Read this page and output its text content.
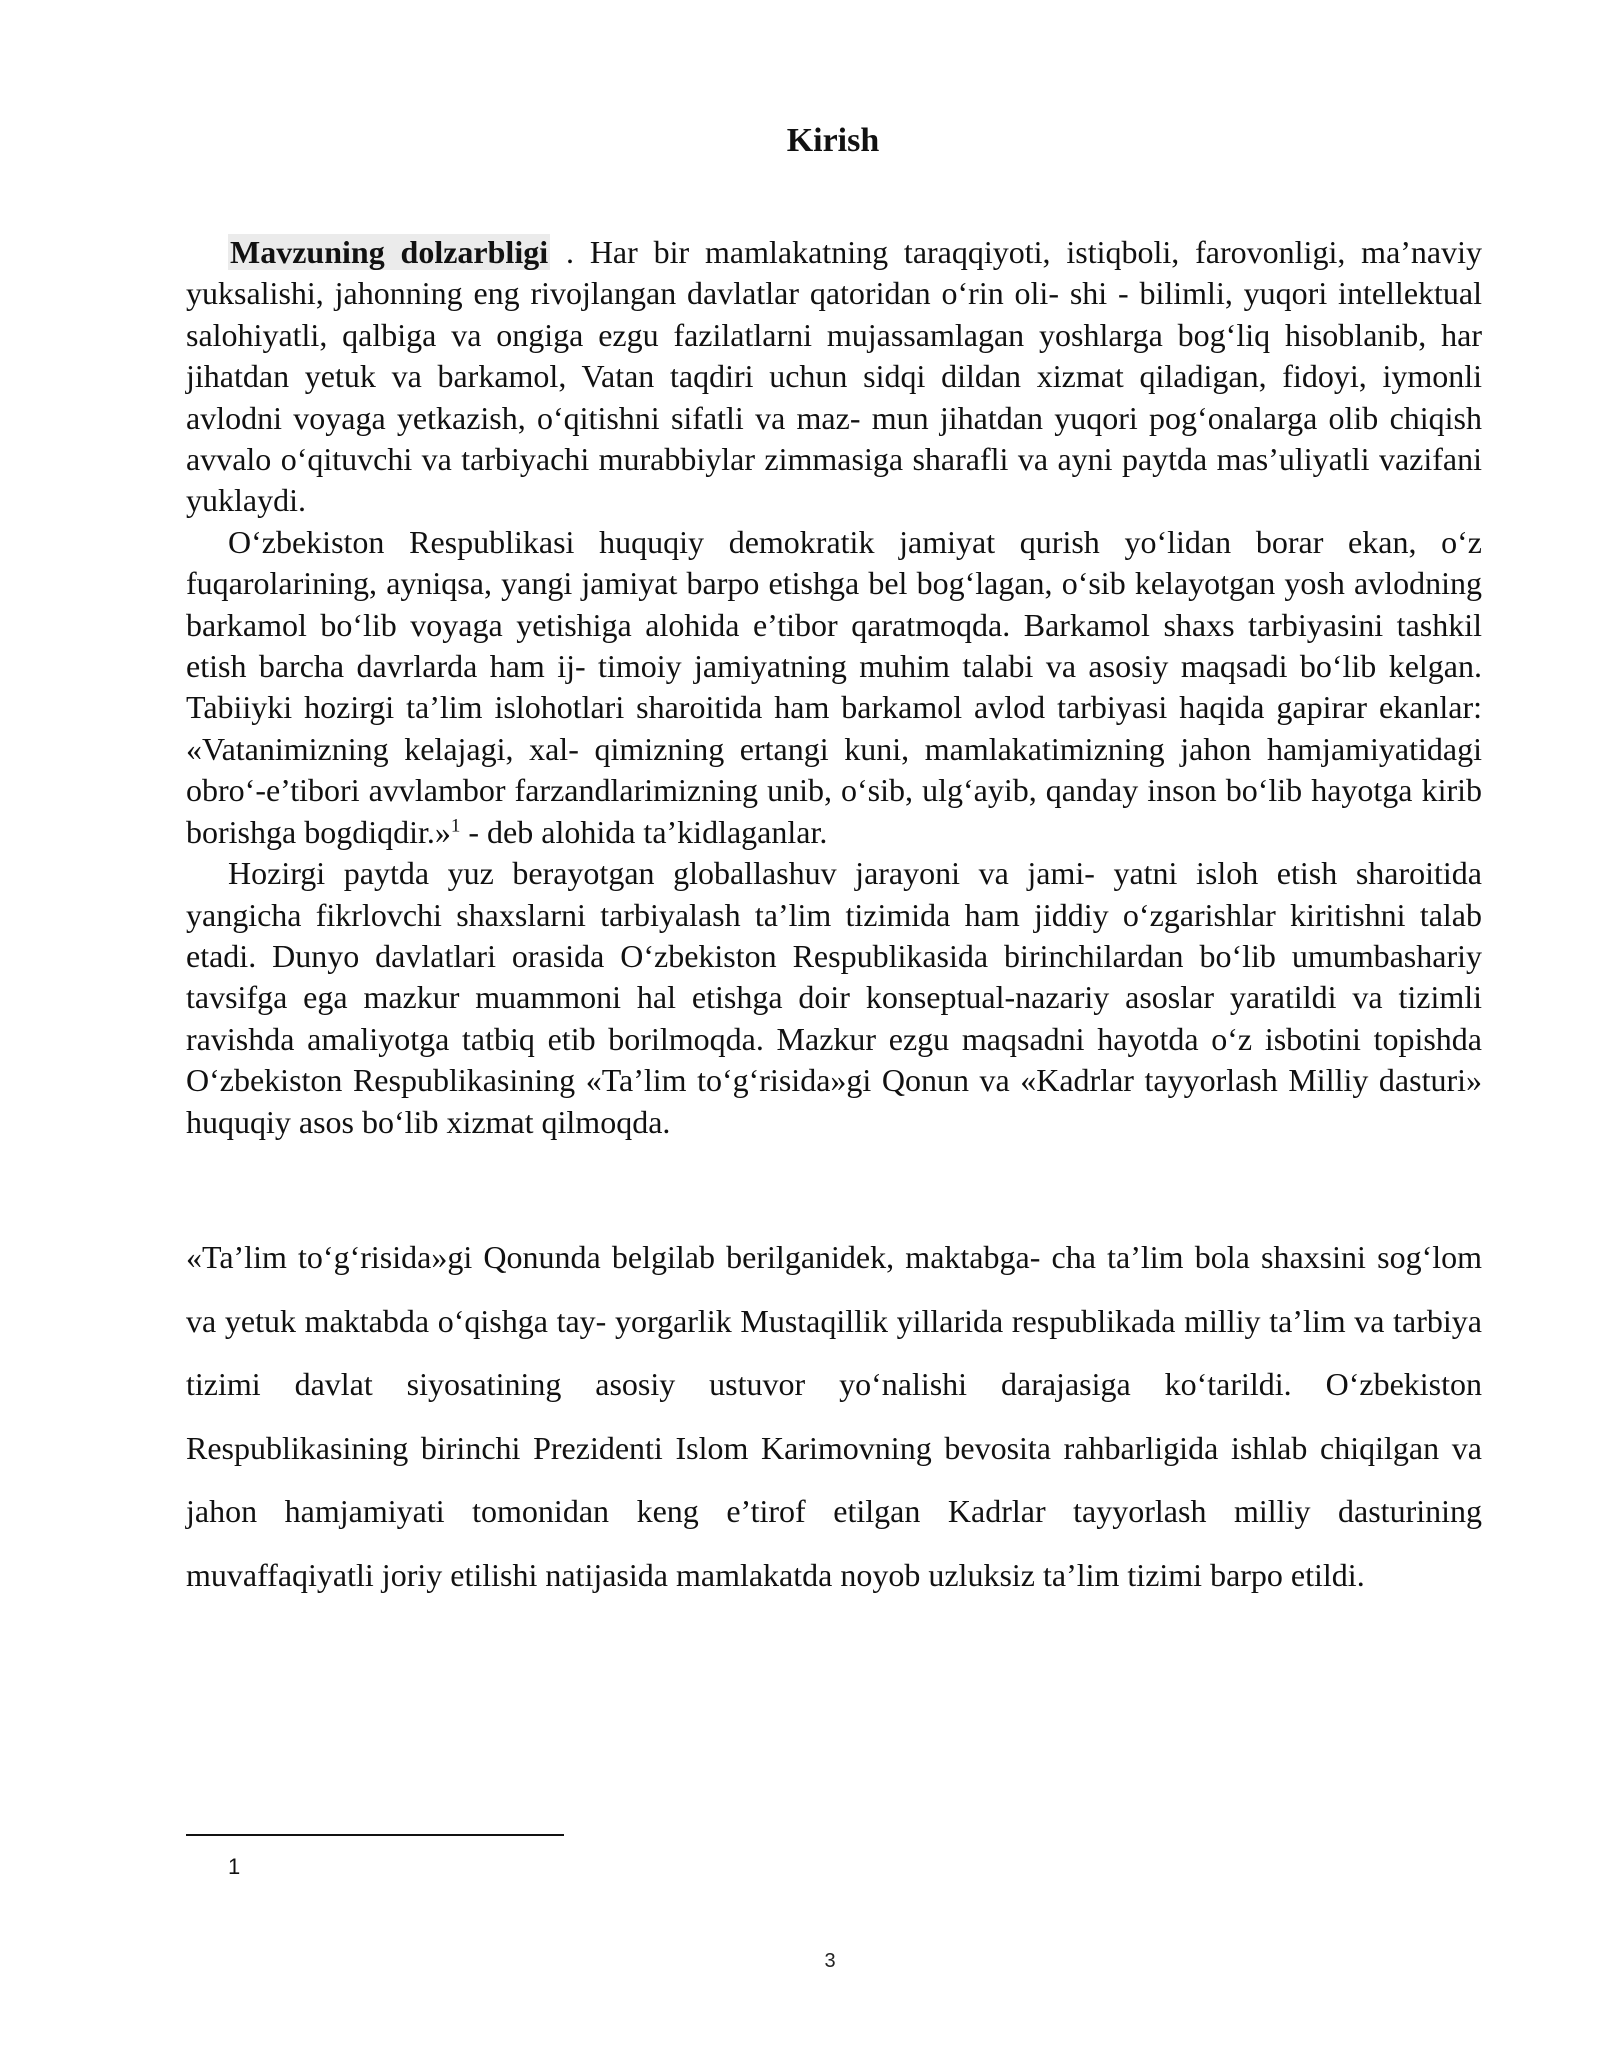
Kirish

Mavzuning dolzarbligi . Har bir mamlakatning taraqqiyoti, istiqboli, farovonligi, ma’naviy yuksalishi, jahonning eng rivojlangan davlatlar qatoridan o‘rin oli- shi - bilimli, yuqori intellektual salohiyatli, qalbiga va ongiga ezgu fazilatlarni mujassamlagan yoshlarga bog‘liq hisoblanib, har jihatdan yetuk va barkamol, Vatan taqdiri uchun sidqi dildan xizmat qiladigan, fidoyi, iymonli avlodni voyaga yetkazish, o‘qitishni sifatli va maz- mun jihatdan yuqori pog‘onalarga olib chiqish avvalo o‘qituvchi va tarbiyachi murabbiylar zimmasiga sharafli va ayni paytda mas’uliyatli vazifani yuklaydi.

O‘zbekiston Respublikasi huquqiy demokratik jamiyat qurish yo‘lidan borar ekan, o‘z fuqarolarining, ayniqsa, yangi jamiyat barpo etishga bel bog‘lagan, o‘sib kelayotgan yosh avlodning barkamol bo‘lib voyaga yetishiga alohida e’tibor qaratmoqda. Barkamol shaxs tarbiyasini tashkil etish barcha davrlarda ham ij- timoiy jamiyatning muhim talabi va asosiy maqsadi bo‘lib kelgan. Tabiiyki hozirgi ta’lim islohotlari sharoitida ham barkamol avlod tarbiyasi haqida gapirar ekanlar: «Vatanimizning kelajagi, xal- qimizning ertangi kuni, mamlakatimizning jahon hamjamiyatidagi obro‘-e’tibori avvlambor farzandlarimizning unib, o‘sib, ulg‘ayib, qanday inson bo‘lib hayotga kirib borishga bogdiqdir.»$^1$ - deb alohida ta’kidlaganlar.

Hozirgi paytda yuz berayotgan globallashuv jarayoni va jami- yatni isloh etish sharoitida yangicha fikrlovchi shaxslarni tarbiyalash ta’lim tizimida ham jiddiy o‘zgarishlar kiritishni talab etadi. Dunyo davlatlari orasida O‘zbekiston Respublikasida birinchilardan bo‘lib umumbashariy tavsifga ega mazkur muammoni hal etishga doir konseptual-nazariy asoslar yaratildi va tizimli ravishda amaliyotga tatbiq etib borilmoqda. Mazkur ezgu maqsadni hayotda o‘z isbotini topishda O‘zbekiston Respublikasining «Ta’lim to‘g‘risida»gi Qonun va «Kadrlar tayyorlash Milliy dasturi» huquqiy asos bo‘lib xizmat qilmoqda.

«Ta’lim to‘g‘risida»gi Qonunda belgilab berilganidek, maktabga- cha ta’lim bola shaxsini sog‘lom va yetuk maktabda o‘qishga tay- yorgarlik Mustaqillik yillarida respublikada milliy ta’lim va tarbiya tizimi davlat siyosatining asosiy ustuvor yo‘nalishi darajasiga ko‘tarildi. O‘zbekiston Respublikasining birinchi Prezidenti Islom Karimovning bevosita rahbarligida ishlab chiqilgan va jahon hamjamiyati tomonidan keng e’tirof etilgan Kadrlar tayyorlash milliy dasturining muvaffaqiyatli joriy etilishi natijasida mamlakatda noyob uzluksiz ta’lim tizimi barpo etildi.

1
3
